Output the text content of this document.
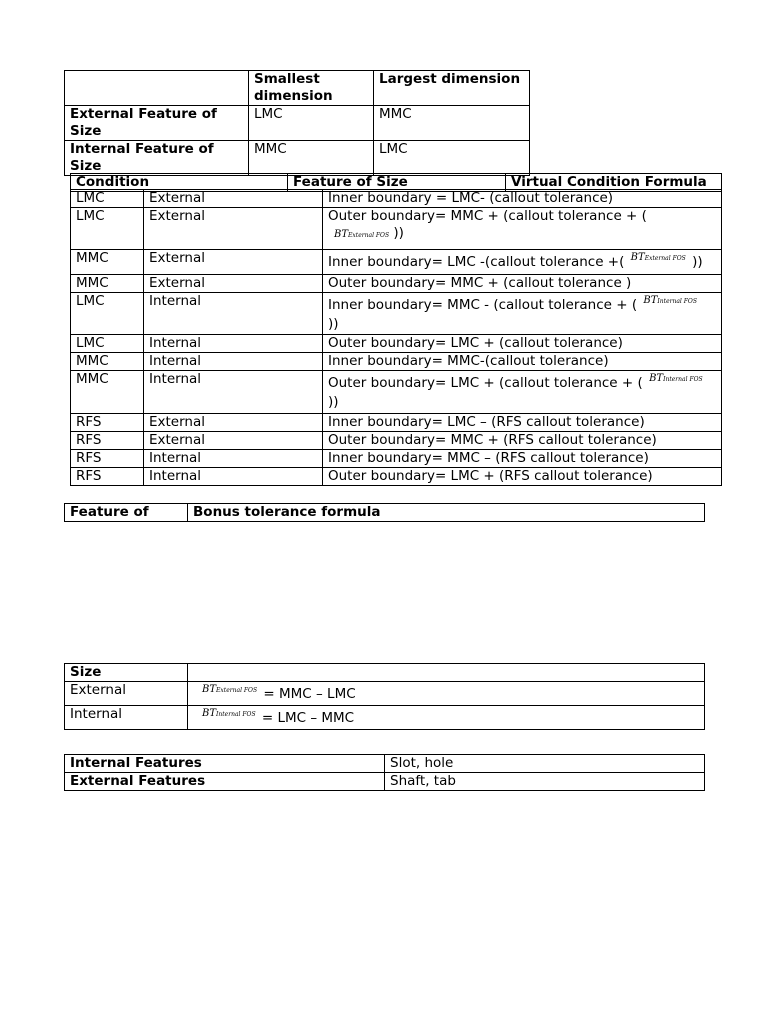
	Smallest dimension	Largest dimension
External Feature of Size	LMC	MMC
Internal Feature of Size	MMC	LMC
Condition	Feature of Size	Virtual Condition Formula
LMC	External	Inner boundary = LMC- (callout tolerance)
LMC	External	Outer boundary= MMC + (callout tolerance + (
BTExternal FOS ))
MMC	External	Inner boundary= LMC -(callout tolerance +( BTExternal FOS ))
MMC	External	Outer boundary= MMC + (callout tolerance )
LMC	Internal	Inner boundary= MMC - (callout tolerance + ( BTInternal FOS
))
LMC	Internal	Outer boundary= LMC + (callout tolerance)
MMC	Internal	Inner boundary= MMC-(callout tolerance)
MMC	Internal	Outer boundary= LMC + (callout tolerance + ( BTInternal FOS
))
RFS	External	Inner boundary= LMC – (RFS callout tolerance)
RFS	External	Outer boundary= MMC + (RFS callout tolerance)
RFS	Internal	Inner boundary= MMC – (RFS callout tolerance)
RFS	Internal	Outer boundary= LMC + (RFS callout tolerance)
Feature of	Bonus tolerance formula
Size	
External	BTExternal FOS = MMC – LMC
Internal	BTInternal FOS = LMC – MMC
Internal Features	Slot, hole
External Features	Shaft, tab
